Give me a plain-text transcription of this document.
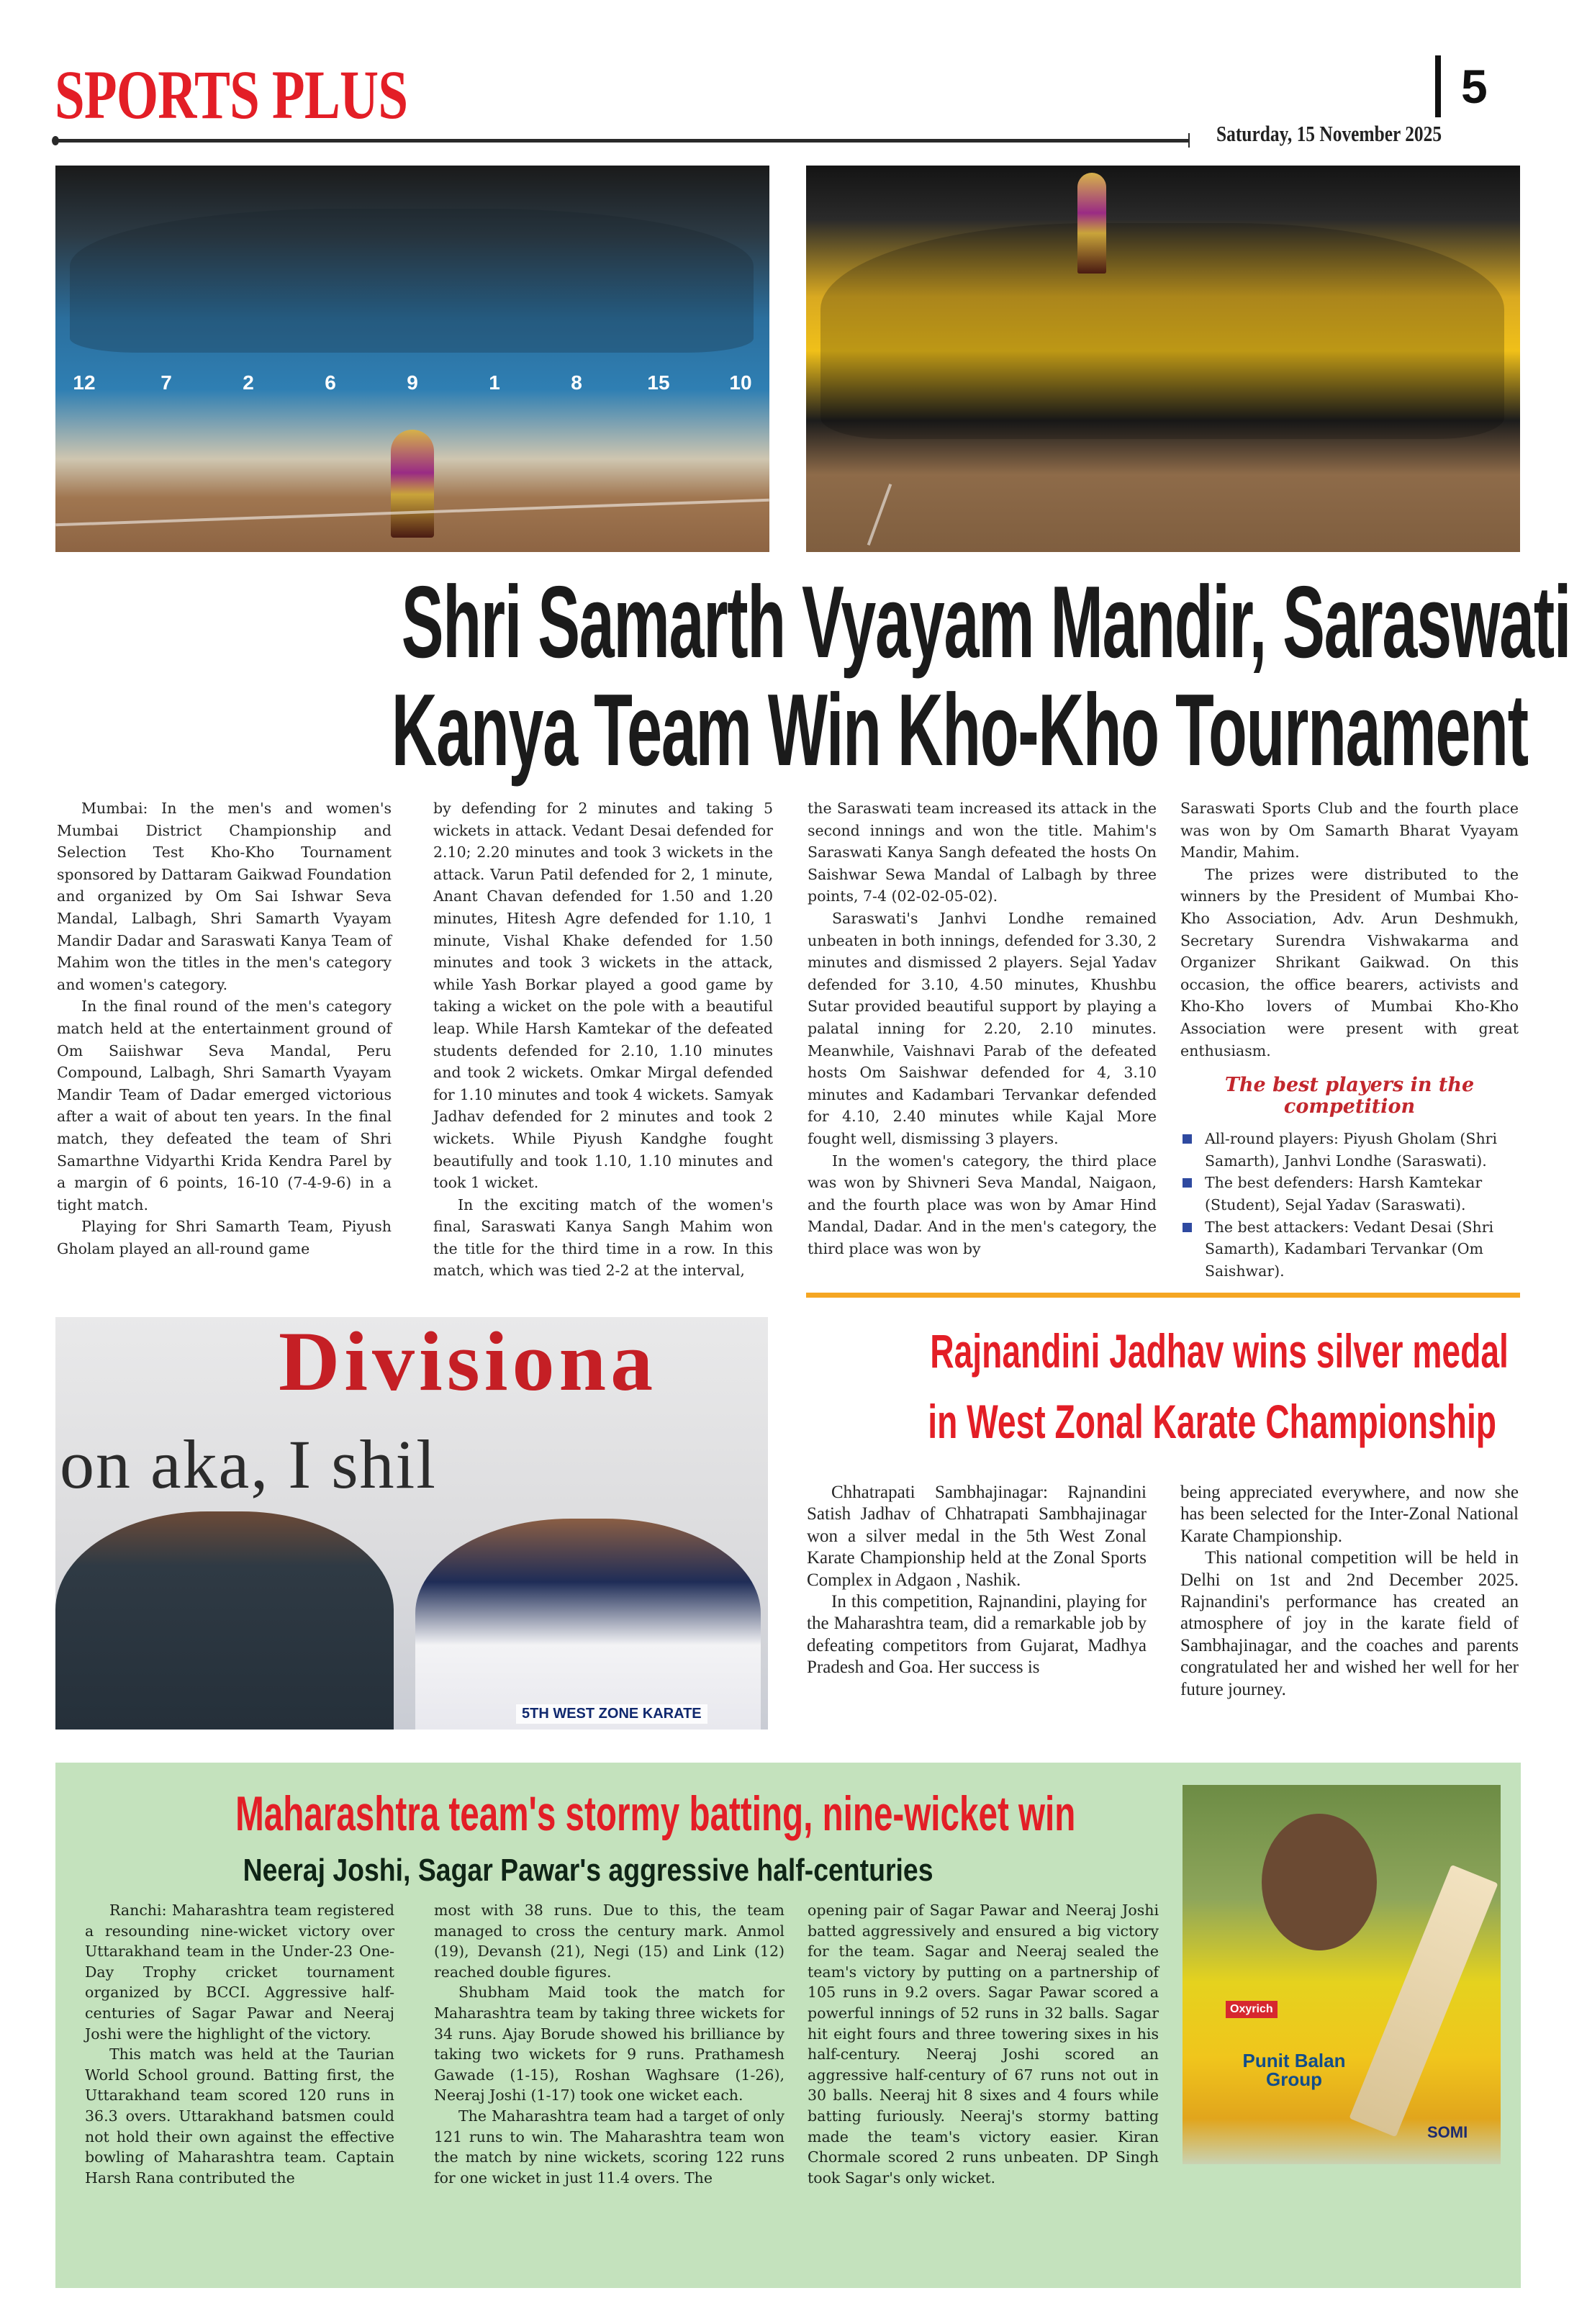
SPORTS PLUS	5
Saturday, 15 November 2025
12	7	2	6	9	1	8	15	10
Shri Samarth Vyayam Mandir, Saraswati
Kanya Team Win Kho-Kho Tournament

Mumbai: In the men's and women's Mumbai District Championship and Selection Test Kho-Kho Tournament sponsored by Dattaram Gaikwad Foundation and organized by Om Sai Ishwar Seva Mandal, Lalbagh, Shri Samarth Vyayam Mandir Dadar and Saraswati Kanya Team of Mahim won the titles in the men's category and women's category.

In the final round of the men's category match held at the entertainment ground of Om Saiishwar Seva Mandal, Peru Compound, Lalbagh, Shri Samarth Vyayam Mandir Team of Dadar emerged victorious after a wait of about ten years. In the final match, they defeated the team of Shri Samarthne Vidyarthi Krida Kendra Parel by a margin of 6 points, 16-10 (7-4-9-6) in a tight match.

Playing for Shri Samarth Team, Piyush Gholam played an all-round game

by defending for 2 minutes and taking 5 wickets in attack. Vedant Desai defended for 2.10; 2.20 minutes and took 3 wickets in the attack. Varun Patil defended for 2, 1 minute, Anant Chavan defended for 1.50 and 1.20 minutes, Hitesh Agre defended for 1.10, 1 minute, Vishal Khake defended for 1.50 minutes and took 3 wickets in the attack, while Yash Borkar played a good game by taking a wicket on the pole with a beautiful leap. While Harsh Kamtekar of the defeated students defended for 2.10, 1.10 minutes and took 2 wickets. Omkar Mirgal defended for 1.10 minutes and took 4 wickets. Samyak Jadhav defended for 2 minutes and took 2 wickets. While Piyush Kandghe fought beautifully and took 1.10, 1.10 minutes and took 1 wicket.

In the exciting match of the women's final, Saraswati Kanya Sangh Mahim won the title for the third time in a row. In this match, which was tied 2-2 at the interval,

the Saraswati team increased its attack in the second innings and won the title. Mahim's Saraswati Kanya Sangh defeated the hosts On Saishwar Sewa Mandal of Lalbagh by three points, 7-4 (02-02-05-02).

Saraswati's Janhvi Londhe remained unbeaten in both innings, defended for 3.30, 2 minutes and dismissed 2 players. Sejal Yadav defended for 3.10, 4.50 minutes, Khushbu Sutar provided beautiful support by playing a palatal inning for 2.20, 2.10 minutes. Meanwhile, Vaishnavi Parab of the defeated hosts Om Saishwar defended for 4, 3.10 minutes and Kadambari Tervankar defended for 4.10, 2.40 minutes while Kajal More fought well, dismissing 3 players.

In the women's category, the third place was won by Shivneri Seva Mandal, Naigaon, and the fourth place was won by Amar Hind Mandal, Dadar. And in the men's category, the third place was won by

Saraswati Sports Club and the fourth place was won by Om Samarth Bharat Vyayam Mandir, Mahim.

The prizes were distributed to the winners by the President of Mumbai Kho-Kho Association, Adv. Arun Deshmukh, Secretary Surendra Vishwakarma and Organizer Shrikant Gaikwad. On this occasion, the office bearers, activists and Kho-Kho lovers of Mumbai Kho-Kho Association were present with great enthusiasm.

The best players in the competition
All-round players: Piyush Gholam (Shri Samarth), Janhvi Londhe (Saraswati).
The best defenders: Harsh Kamtekar (Student), Sejal Yadav (Saraswati).
The best attackers: Vedant Desai (Shri Samarth), Kadambari Tervankar (Om Saishwar).
Divisiona
on aka, I shil
5TH WEST ZONE KARATE
Rajnandini Jadhav wins silver medal
in West Zonal Karate Championship

Chhatrapati Sambhajinagar: Rajnandini Satish Jadhav of Chhatrapati Sambhajinagar won a silver medal in the 5th West Zonal Karate Championship held at the Zonal Sports Complex in Adgaon , Nashik.

In this competition, Rajnandini, playing for the Maharashtra team, did a remarkable job by defeating competitors from Gujarat, Madhya Pradesh and Goa. Her success is

being appreciated everywhere, and now she has been selected for the Inter-Zonal National Karate Championship.

This national competition will be held in Delhi on 1st and 2nd December 2025. Rajnandini's performance has created an atmosphere of joy in the karate field of Sambhajinagar, and the coaches and parents congratulated her and wished her well for her future journey.

Maharashtra team's stormy batting, nine-wicket win
Neeraj Joshi, Sagar Pawar's aggressive half-centuries

Ranchi: Maharashtra team registered a resounding nine-wicket victory over Uttarakhand team in the Under-23 One-Day Trophy cricket tournament organized by BCCI. Aggressive half-centuries of Sagar Pawar and Neeraj Joshi were the highlight of the victory.

This match was held at the Taurian World School ground. Batting first, the Uttarakhand team scored 120 runs in 36.3 overs. Uttarakhand batsmen could not hold their own against the effective bowling of Maharashtra team. Captain Harsh Rana contributed the

most with 38 runs. Due to this, the team managed to cross the century mark. Anmol (19), Devansh (21), Negi (15) and Link (12) reached double figures.

Shubham Maid took the match for Maharashtra team by taking three wickets for 34 runs. Ajay Borude showed his brilliance by taking two wickets for 9 runs. Prathamesh Gawade (1-15), Roshan Waghsare (1-26), Neeraj Joshi (1-17) took one wicket each.

The Maharashtra team had a target of only 121 runs to win. The Maharashtra team won the match by nine wickets, scoring 122 runs for one wicket in just 11.4 overs. The

opening pair of Sagar Pawar and Neeraj Joshi batted aggressively and ensured a big victory for the team. Sagar and Neeraj sealed the team's victory by putting on a partnership of 105 runs in 9.2 overs. Sagar Pawar scored a powerful innings of 52 runs in 32 balls. Sagar hit eight fours and three towering sixes in his half-century. Neeraj Joshi scored an aggressive half-century of 67 runs not out in 30 balls. Neeraj hit 8 sixes and 4 fours while batting furiously. Neeraj's stormy batting made the team's victory easier. Kiran Chormale scored 2 runs unbeaten. DP Singh took Sagar's only wicket.

Oxyrich
Punit Balan
Group
SOMI
